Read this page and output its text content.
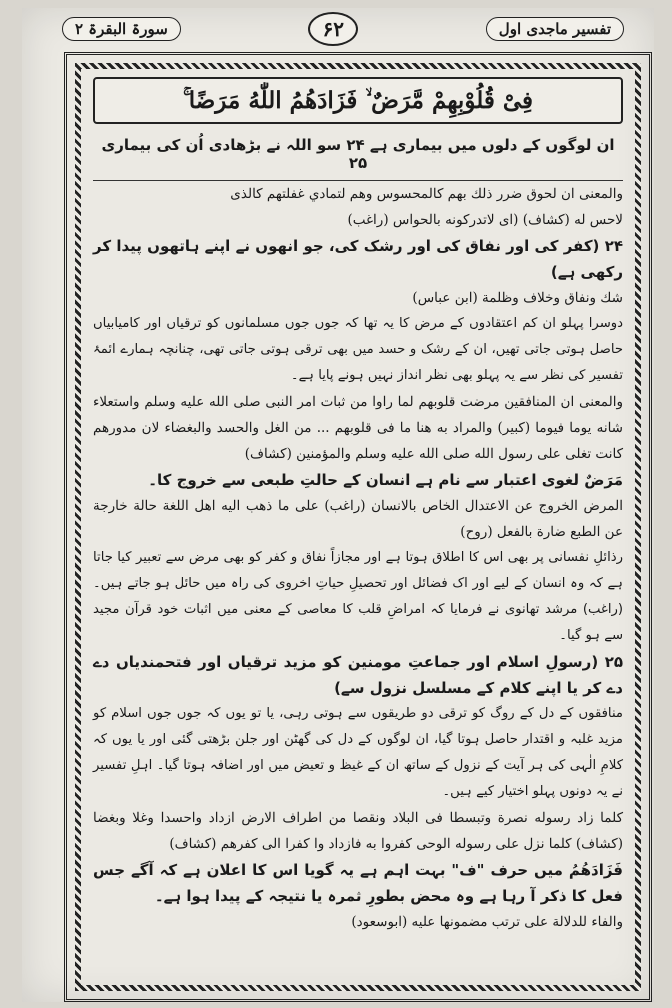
تفسیر ماجدی اول
۶۲
سورۃ البقرۃ ۲
فِیْ قُلُوْبِهِمْ مَّرَضٌ ۙ فَزَادَهُمُ اللّٰهُ مَرَضًا ۚ
ان لوگوں کے دلوں میں بیماری ہے ۲۴ سو اللہ نے بڑھادی اُن کی بیماری ۲۵

والمعنى ان لحوق ضرر ذلك بهم كالمحسوس وهم لتمادي غفلتهم كالذى

لاحس له (كشاف) (اى لاتدركونه بالحواس (راغب)

۲۴ (کفر کی اور نفاق کی اور رشک کی، جو انھوں نے اپنے ہاتھوں پیدا کر رکھی ہے)

شك ونفاق وخلاف وظلمة (ابن عباس)

دوسرا پہلو ان کم اعتقادوں کے مرض کا یہ تھا کہ جوں جوں مسلمانوں کو ترقیاں اور کامیابیاں حاصل ہوتی جاتی تھیں، ان کے رشک و حسد میں بھی ترقی ہوتی جاتی تھی، چنانچہ ہمارے ائمۂ تفسیر کی نظر سے یہ پہلو بھی نظر انداز نہیں ہونے پایا ہے۔

والمعنى ان المنافقين مرضت قلوبهم لما راوا من ثبات امر النبى صلى الله عليه وسلم واستعلاء شانه يوما فيوما (كبير) والمراد به هنا ما فى قلوبهم ... من الغل والحسد والبغضاء لان مدورهم كانت تغلى على رسول الله صلى الله عليه وسلم والمؤمنين (كشاف)

مَرَضٌ لغوی اعتبار سے نام ہے انسان کے حالتِ طبعی سے خروج کا۔

المرض الخروج عن الاعتدال الخاص بالانسان (راغب) على ما ذهب اليه اهل اللغة حالة خارجة عن الطبع ضارة بالفعل (روح)

رذائلِ نفسانی پر بھی اس کا اطلاق ہوتا ہے اور مجازاً نفاق و کفر کو بھی مرض سے تعبیر کیا جاتا ہے کہ وہ انسان کے لیے اور اک فضائل اور تحصیلِ حیاتِ اخروی کی راہ میں حائل ہو جاتے ہیں۔ (راغب) مرشد تھانوی نے فرمایا کہ امراضِ قلب کا معاصی کے معنی میں اثبات خود قرآن مجید سے ہو گیا۔

۲۵ (رسولِ اسلام اور جماعتِ مومنین کو مزید ترقیاں اور فتحمندیاں دے دے کر یا اپنے کلام کے مسلسل نزول سے)

منافقوں کے دل کے روگ کو ترقی دو طریقوں سے ہوتی رہی، یا تو یوں کہ جوں جوں اسلام کو مزید غلبہ و اقتدار حاصل ہوتا گیا، ان لوگوں کے دل کی گھٹن اور جلن بڑھتی گئی اور یا یوں کہ کلامِ الٰہی کی ہر آیت کے نزول کے ساتھ ان کے غیظ و تعیض میں اور اضافہ ہوتا گیا۔ اہلِ تفسیر نے یہ دونوں پہلو اختیار کیے ہیں۔

كلما زاد رسوله نصرة وتبسطا فى البلاد ونقصا من اطراف الارض ازداد واحسدا وغلا وبغضا (كشاف) كلما نزل على رسوله الوحى كفروا به فازداد وا كفرا الى كفرهم (كشاف)

فَزَادَهُمُ میں حرف "ف" بہت اہم ہے یہ گویا اس کا اعلان ہے کہ آگے جس فعل کا ذکر آ رہا ہے وہ محض بطورِ ثمرہ یا نتیجہ کے پیدا ہوا ہے۔

والفاء للدلالة على ترتب مضمونها عليه (ابوسعود)
